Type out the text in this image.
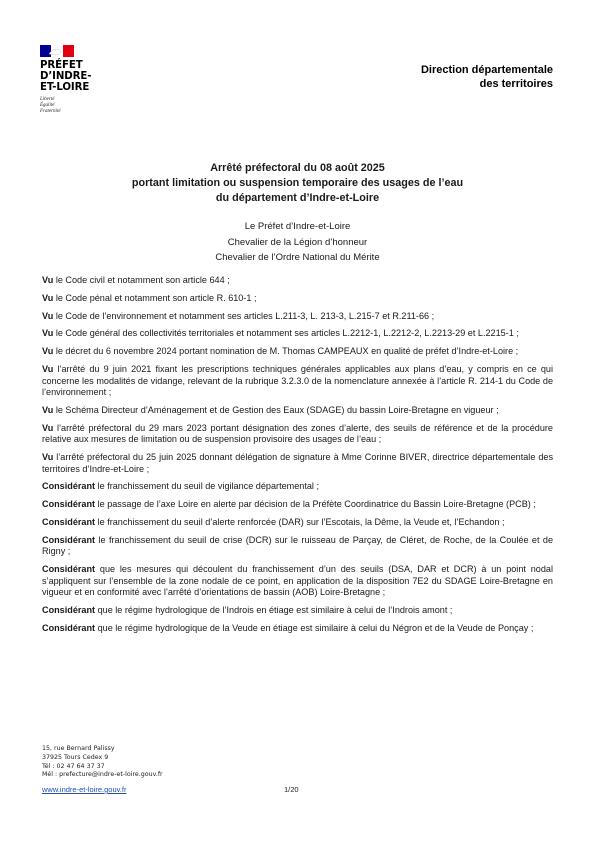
PRÉFET
D’INDRE-
ET-LOIRE
Liberté
Égalité
Fraternité
Direction départementale
des territoires
Arrêté préfectoral du 08 août 2025
portant limitation ou suspension temporaire des usages de l’eau
du département d’Indre-et-Loire
Le Préfet d’Indre-et-Loire
Chevalier de la Légion d’honneur
Chevalier de l’Ordre National du Mérite

Vu le Code civil et notamment son article 644 ;

Vu le Code pénal et notamment son article R. 610-1 ;

Vu le Code de l’environnement et notamment ses articles L.211-3, L. 213-3, L.215-7 et R.211-66 ;

Vu le Code général des collectivités territoriales et notamment ses articles L.2212-1, L.2212-2, L.2213-29 et L.2215-1 ;

Vu le décret du 6 novembre 2024 portant nomination de M. Thomas CAMPEAUX en qualité de préfet d’Indre-et-Loire ;

Vu l’arrêté du 9 juin 2021 fixant les prescriptions techniques générales applicables aux plans d’eau, y compris en ce qui concerne les modalités de vidange, relevant de la rubrique 3.2.3.0 de la nomenclature annexée à l’article R. 214-1 du Code de l’environnement ;

Vu le Schéma Directeur d’Aménagement et de Gestion des Eaux (SDAGE) du bassin Loire-Bretagne en vigueur ;

Vu l’arrêté préfectoral du 29 mars 2023 portant désignation des zones d’alerte, des seuils de référence et de la procédure relative aux mesures de limitation ou de suspension provisoire des usages de l’eau ;

Vu l’arrêté préfectoral du 25 juin 2025 donnant délégation de signature à Mme Corinne BIVER, directrice départementale des territoires d’Indre-et-Loire ;

Considérant le franchissement du seuil de vigilance départemental ;

Considérant le passage de l’axe Loire en alerte par décision de la Préfète Coordinatrice du Bassin Loire-Bretagne (PCB) ;

Considérant le franchissement du seuil d’alerte renforcée (DAR) sur l’Escotais, la Dême, la Veude et, l’Echandon ;

Considérant le franchissement du seuil de crise (DCR) sur le ruisseau de Parçay, de Cléret, de Roche, de la Coulée et de Rigny ;

Considérant que les mesures qui découlent du franchissement d’un des seuils (DSA, DAR et DCR) à un point nodal s’appliquent sur l’ensemble de la zone nodale de ce point, en application de la disposition 7E2 du SDAGE Loire-Bretagne en vigueur et en conformité avec l’arrêté d’orientations de bassin (AOB) Loire-Bretagne ;

Considérant que le régime hydrologique de l’Indrois en étiage est similaire à celui de l’Indrois amont ;

Considérant que le régime hydrologique de la Veude en étiage est similaire à celui du Négron et de la Veude de Ponçay ;

15, rue Bernard Palissy
37925 Tours Cedex 9
Tél : 02 47 64 37 37
Mél : prefecture@indre-et-loire.gouv.fr
www.indre-et-loire.gouv.fr	1/20
